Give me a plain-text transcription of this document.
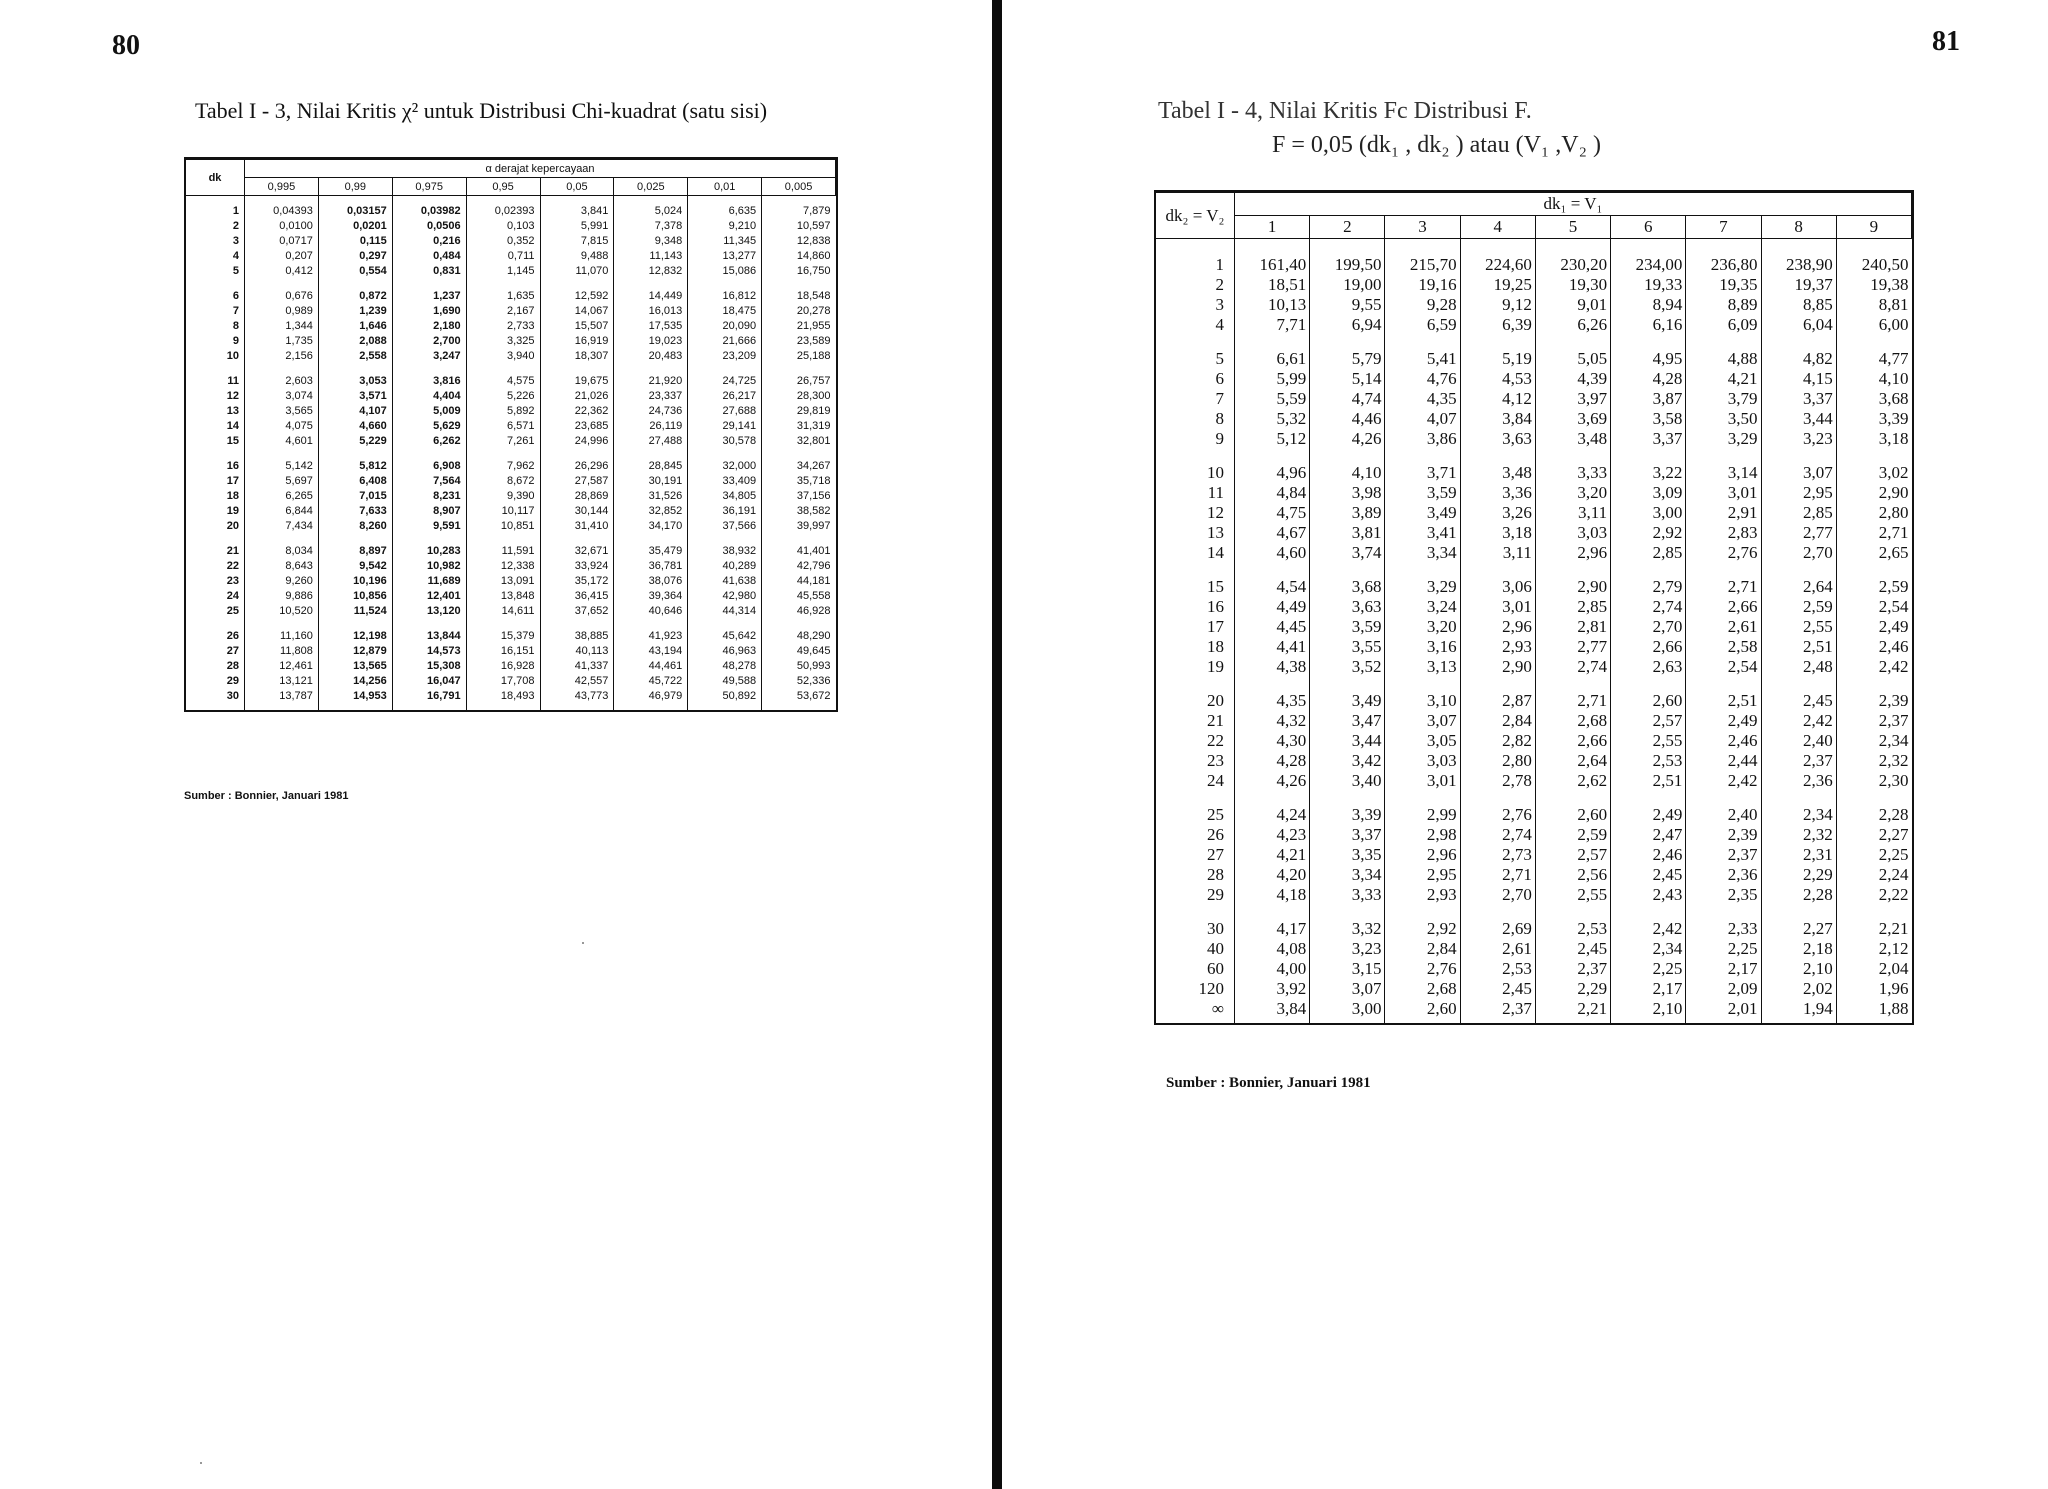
80
Tabel I - 3, Nilai Kritis χ² untuk Distribusi Chi-kuadrat (satu sisi)
dk	α derajat kepercayaan							
	0,995	0,99	0,975	0,95	0,05	0,025	0,01	0,005
1	0,04393	0,03157	0,03982	0,02393	3,841	5,024	6,635	7,879
2	0,0100	0,0201	0,0506	0,103	5,991	7,378	9,210	10,597
3	0,0717	0,115	0,216	0,352	7,815	9,348	11,345	12,838
4	0,207	0,297	0,484	0,711	9,488	11,143	13,277	14,860
5	0,412	0,554	0,831	1,145	11,070	12,832	15,086	16,750
6	0,676	0,872	1,237	1,635	12,592	14,449	16,812	18,548
7	0,989	1,239	1,690	2,167	14,067	16,013	18,475	20,278
8	1,344	1,646	2,180	2,733	15,507	17,535	20,090	21,955
9	1,735	2,088	2,700	3,325	16,919	19,023	21,666	23,589
10	2,156	2,558	3,247	3,940	18,307	20,483	23,209	25,188
11	2,603	3,053	3,816	4,575	19,675	21,920	24,725	26,757
12	3,074	3,571	4,404	5,226	21,026	23,337	26,217	28,300
13	3,565	4,107	5,009	5,892	22,362	24,736	27,688	29,819
14	4,075	4,660	5,629	6,571	23,685	26,119	29,141	31,319
15	4,601	5,229	6,262	7,261	24,996	27,488	30,578	32,801
16	5,142	5,812	6,908	7,962	26,296	28,845	32,000	34,267
17	5,697	6,408	7,564	8,672	27,587	30,191	33,409	35,718
18	6,265	7,015	8,231	9,390	28,869	31,526	34,805	37,156
19	6,844	7,633	8,907	10,117	30,144	32,852	36,191	38,582
20	7,434	8,260	9,591	10,851	31,410	34,170	37,566	39,997
21	8,034	8,897	10,283	11,591	32,671	35,479	38,932	41,401
22	8,643	9,542	10,982	12,338	33,924	36,781	40,289	42,796
23	9,260	10,196	11,689	13,091	35,172	38,076	41,638	44,181
24	9,886	10,856	12,401	13,848	36,415	39,364	42,980	45,558
25	10,520	11,524	13,120	14,611	37,652	40,646	44,314	46,928
26	11,160	12,198	13,844	15,379	38,885	41,923	45,642	48,290
27	11,808	12,879	14,573	16,151	40,113	43,194	46,963	49,645
28	12,461	13,565	15,308	16,928	41,337	44,461	48,278	50,993
29	13,121	14,256	16,047	17,708	42,557	45,722	49,588	52,336
30	13,787	14,953	16,791	18,493	43,773	46,979	50,892	53,672
Sumber : Bonnier, Januari 1981
81
Tabel I - 4, Nilai Kritis Fc Distribusi F.
F = 0,05 (dk₁ , dk₂ ) atau (V₁ ,V₂ )
dk₂ = V₂	dk₁ = V₁								
	1	2	3	4	5	6	7	8	9
1	161,40	199,50	215,70	224,60	230,20	234,00	236,80	238,90	240,50
2	18,51	19,00	19,16	19,25	19,30	19,33	19,35	19,37	19,38
3	10,13	9,55	9,28	9,12	9,01	8,94	8,89	8,85	8,81
4	7,71	6,94	6,59	6,39	6,26	6,16	6,09	6,04	6,00
5	6,61	5,79	5,41	5,19	5,05	4,95	4,88	4,82	4,77
6	5,99	5,14	4,76	4,53	4,39	4,28	4,21	4,15	4,10
7	5,59	4,74	4,35	4,12	3,97	3,87	3,79	3,37	3,68
8	5,32	4,46	4,07	3,84	3,69	3,58	3,50	3,44	3,39
9	5,12	4,26	3,86	3,63	3,48	3,37	3,29	3,23	3,18
10	4,96	4,10	3,71	3,48	3,33	3,22	3,14	3,07	3,02
11	4,84	3,98	3,59	3,36	3,20	3,09	3,01	2,95	2,90
12	4,75	3,89	3,49	3,26	3,11	3,00	2,91	2,85	2,80
13	4,67	3,81	3,41	3,18	3,03	2,92	2,83	2,77	2,71
14	4,60	3,74	3,34	3,11	2,96	2,85	2,76	2,70	2,65
15	4,54	3,68	3,29	3,06	2,90	2,79	2,71	2,64	2,59
16	4,49	3,63	3,24	3,01	2,85	2,74	2,66	2,59	2,54
17	4,45	3,59	3,20	2,96	2,81	2,70	2,61	2,55	2,49
18	4,41	3,55	3,16	2,93	2,77	2,66	2,58	2,51	2,46
19	4,38	3,52	3,13	2,90	2,74	2,63	2,54	2,48	2,42
20	4,35	3,49	3,10	2,87	2,71	2,60	2,51	2,45	2,39
21	4,32	3,47	3,07	2,84	2,68	2,57	2,49	2,42	2,37
22	4,30	3,44	3,05	2,82	2,66	2,55	2,46	2,40	2,34
23	4,28	3,42	3,03	2,80	2,64	2,53	2,44	2,37	2,32
24	4,26	3,40	3,01	2,78	2,62	2,51	2,42	2,36	2,30
25	4,24	3,39	2,99	2,76	2,60	2,49	2,40	2,34	2,28
26	4,23	3,37	2,98	2,74	2,59	2,47	2,39	2,32	2,27
27	4,21	3,35	2,96	2,73	2,57	2,46	2,37	2,31	2,25
28	4,20	3,34	2,95	2,71	2,56	2,45	2,36	2,29	2,24
29	4,18	3,33	2,93	2,70	2,55	2,43	2,35	2,28	2,22
30	4,17	3,32	2,92	2,69	2,53	2,42	2,33	2,27	2,21
40	4,08	3,23	2,84	2,61	2,45	2,34	2,25	2,18	2,12
60	4,00	3,15	2,76	2,53	2,37	2,25	2,17	2,10	2,04
120	3,92	3,07	2,68	2,45	2,29	2,17	2,09	2,02	1,96
∞	3,84	3,00	2,60	2,37	2,21	2,10	2,01	1,94	1,88
Sumber : Bonnier, Januari 1981
